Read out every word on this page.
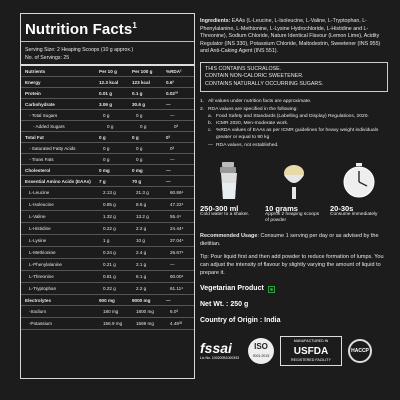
Nutrition Facts$^1$
Serving Size: 2 Heaping Scoops (10 g approx.)
No. of Servings: 25
Nutrients	Per 10 g	Per 100 g	%RDA²
Energy	12.3 kcal	123 kcal	0.6³
Protein	0.01 g	0.1 g	0.02³³
Carbohydrate	3.06 g	30.6 g	—
- Total Sugars	0 g	0 g	—
- Added Sugars	0 g	0 g	0³
Total Fat	0 g	0 g	0³
- Saturated Fatty Acids	0 g	0 g	0³
- Trans Fats	0 g	0 g	—
Cholesterol	0 mg	0 mg	—
Essential Amino Acids (EAAs)	7 g	70 g	—
L-Leucine	2.13 g	21.3 g	60.86⁴
L-Isoleucine	0.85 g	8.5 g	47.22⁴
L-Valine	1.32 g	13.2 g	55.4⁴
L-Histidine	0.22 g	2.2 g	24.44⁴
L-Lysine	1 g	10 g	37.04⁴
L-Methionine	0.24 g	2.4 g	26.67⁴
L-Phenylalanine	0.21 g	2.1 g	—
L-Threonine	0.81 g	8.1 g	60.00⁴
L-Tryptophan	0.22 g	2.2 g	61.11⁴
Electrolytes	900 mg	9000 mg	—
-Sodium	180 mg	1800 mg	6.0³
-Potassium	156.9 mg	1569 mg	4.48³³
Ingredients: EAAs (L-Leucine, L-Isoleucine, L-Valine, L-Tryptophan, L-Phenylalanine, L-Methionine, L-Lysine Hydrochloride, L-Histidine and L-Threonine), Sodium Chloride, Nature Identical Flavour (Lemon Lime), Acidity Regulator (INS 330), Potassium Chloride, Maltodextrin, Sweetener (INS 955) and Anti-Caking Agent (INS 551).
THIS CONTAINS SUCRALOSE.
CONTAIN NON-CALORIC SWEETENER.
CONTAINS NATURALLY OCCURRING SUGARS.
1. All values under nutrition facts are approximate.
2. RDA values are specified in the following:
a. Food Safety and Standards (Labelling and Display) Regulations, 2020.
b. ICMR 2020, Men-moderate work.
c. %RDA values of EAAs as per ICMR guidelines for heavy weight individuals greater or equal to 90 kg
— RDA values, not established.
250-300 ml
Cold water to a shaker.
10 grams
Approx 2 heaping scoops of powder
20-30s
Consume immediately
Recommended Usage: Consume 1 serving per day or as advised by the dietitian.
Tip: Pour liquid first and then add powder to reduce formation of lumps. You can adjust the intensity of flavour by slightly varying the amount of liquid to prepare it.
Vegetarian Product
Net Wt. : 250 g
Country of Origin : India
fssai
Lic No. 10020051000393
ISO
9001:2015
MANUFACTURED IN
USFDA
REGISTERED FACILITY
HACCP
